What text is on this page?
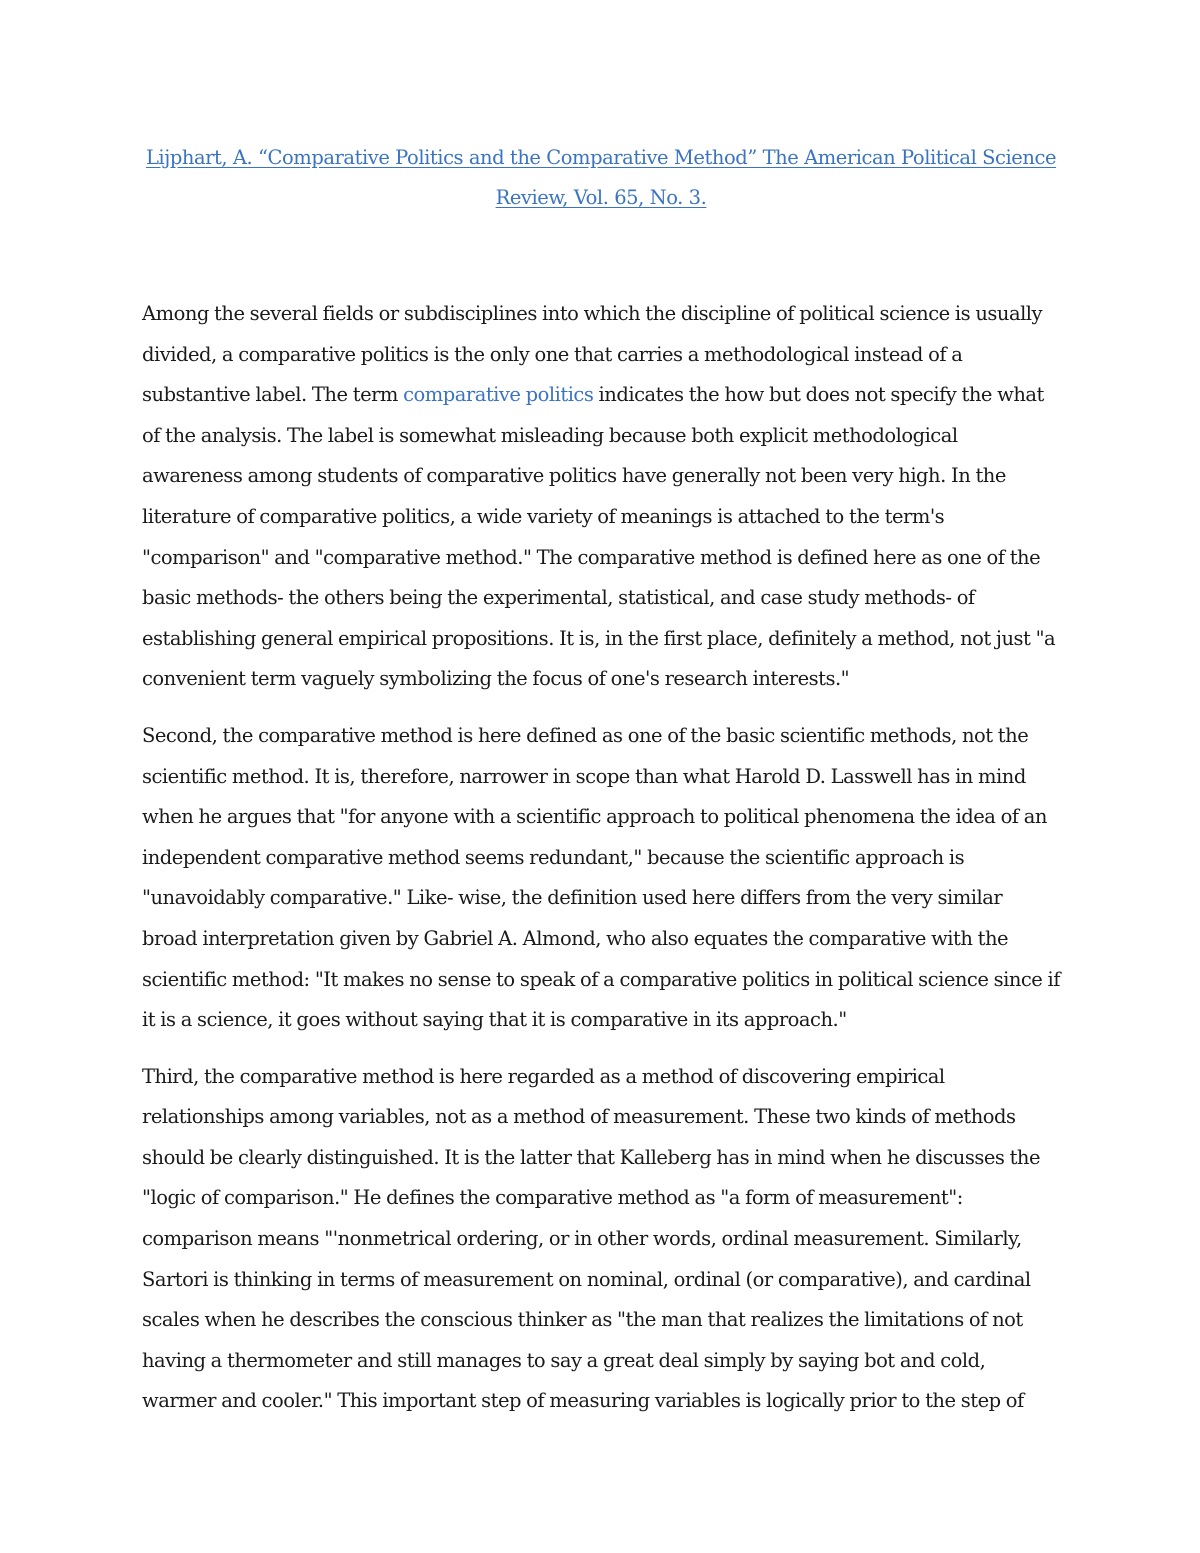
Lijphart, A. “Comparative Politics and the Comparative Method” The American Political Science Review, Vol. 65, No. 3.

Among the several fields or subdisciplines into which the discipline of political science is usually divided, a comparative politics is the only one that carries a methodological instead of a substantive label. The term comparative politics indicates the how but does not specify the what of the analysis. The label is somewhat misleading because both explicit methodological awareness among students of comparative politics have generally not been very high. In the literature of comparative politics, a wide variety of meanings is attached to the term's "comparison" and "comparative method." The comparative method is defined here as one of the basic methods- the others being the experimental, statistical, and case study methods- of establishing general empirical propositions. It is, in the first place, definitely a method, not just "a convenient term vaguely symbolizing the focus of one's research interests."

Second, the comparative method is here defined as one of the basic scientific methods, not the scientific method. It is, therefore, narrower in scope than what Harold D. Lasswell has in mind when he argues that "for anyone with a scientific approach to political phenomena the idea of an independent comparative method seems redundant," because the scientific approach is "unavoidably comparative." Like- wise, the definition used here differs from the very similar broad interpretation given by Gabriel A. Almond, who also equates the comparative with the scientific method: "It makes no sense to speak of a comparative politics in political science since if it is a science, it goes without saying that it is comparative in its approach."

Third, the comparative method is here regarded as a method of discovering empirical relationships among variables, not as a method of measurement. These two kinds of methods should be clearly distinguished. It is the latter that Kalleberg has in mind when he discusses the "logic of comparison." He defines the comparative method as "a form of measurement": comparison means "'nonmetrical ordering, or in other words, ordinal measurement. Similarly, Sartori is thinking in terms of measurement on nominal, ordinal (or comparative), and cardinal scales when he describes the conscious thinker as "the man that realizes the limitations of not having a thermometer and still manages to say a great deal simply by saying bot and cold, warmer and cooler." This important step of measuring variables is logically prior to the step of
